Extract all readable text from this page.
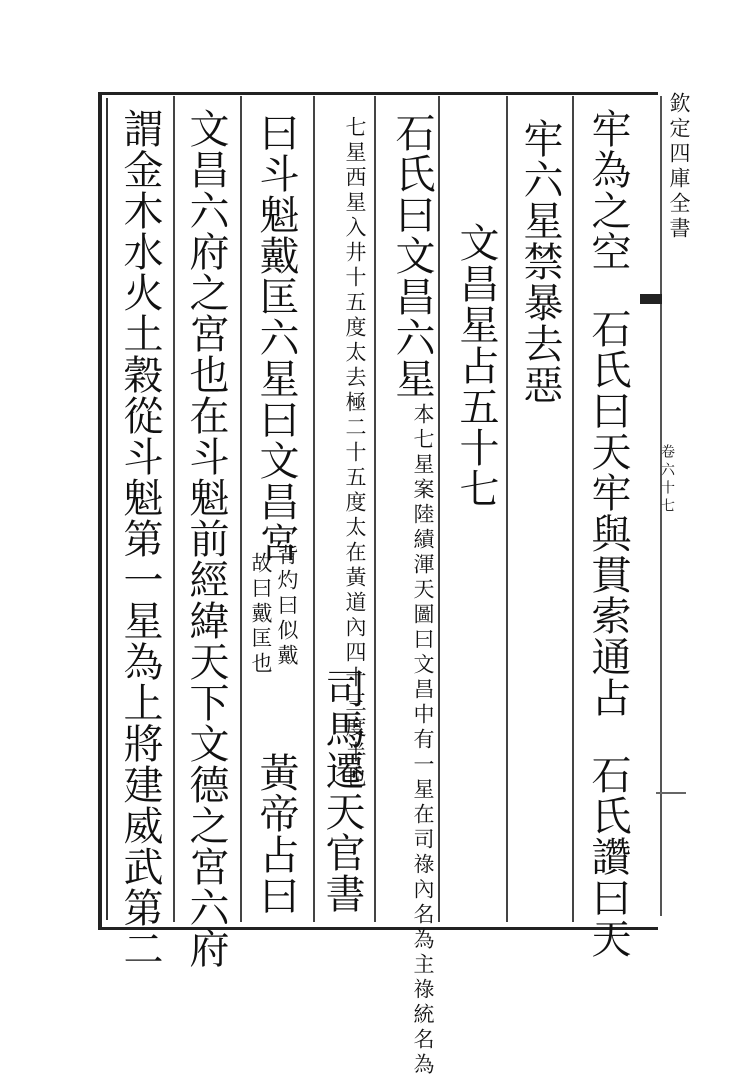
欽定四庫全書
卷六十七
牢為之空石氏曰天牢與貫索通占石氏讚曰天
牢六星禁暴去惡
文昌星占五十七
石氏曰文昌六星
一本七星案陸績渾天圖曰文昌中有一星在司祿內名為主祿統名為
七星西星入井十五度太去極二十五度太在黃道內四十三度半也
司馬遷天官書
曰斗魁戴匡六星曰文昌宮
背灼曰似戴
故曰戴匡也
黃帝占曰
文昌六府之宮也在斗魁前經緯天下文德之宮六府
謂金木水火土穀從斗魁第一星為上將建威武第二
